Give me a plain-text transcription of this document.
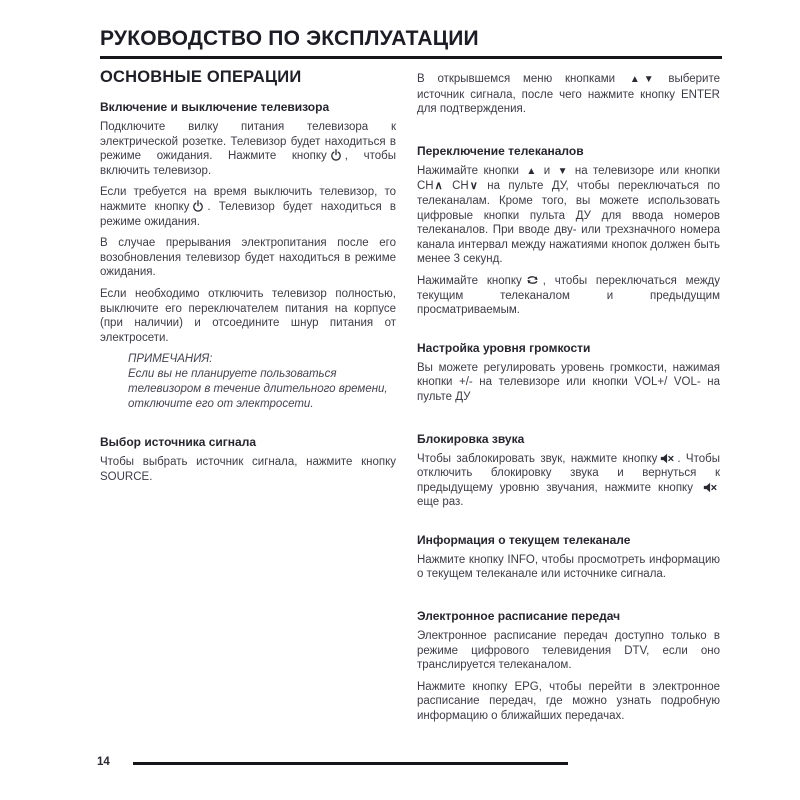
РУКОВОДСТВО ПО ЭКСПЛУАТАЦИИ
ОСНОВНЫЕ ОПЕРАЦИИ
Включение и выключение телевизора

Подключите вилку питания телевизора к электрической розетке. Телевизор будет находиться в режиме ожидания. Нажмите кнопку , чтобы включить телевизор.

Если требуется на время выключить телевизор, то нажмите кнопку . Телевизор будет находиться в режиме ожидания.

В случае прерывания электропитания после его возобновления телевизор будет находиться в режиме ожидания.

Если необходимо отключить телевизор полностью, выключите его переключателем питания на корпусе (при наличии) и отсоедините шнур питания от электросети.

ПРИМЕЧАНИЯ:

Если вы не планируете пользоваться телевизором в течение длительного времени, отключите его от электросети.

Выбор источника сигнала

Чтобы выбрать источник сигнала, нажмите кнопку SOURCE.

В открывшемся меню кнопками ▲ ▼ выберите источник сигнала, после чего нажмите кнопку ENTER для подтверждения.

Переключение телеканалов

Нажимайте кнопки ▲ и ▼ на телевизоре или кнопки CH∧ CH∨ на пульте ДУ, чтобы переключаться по телеканалам. Кроме того, вы можете использовать цифровые кнопки пульта ДУ для ввода номеров телеканалов. При вводе дву- или трехзначного номера канала интервал между нажатиями кнопок должен быть менее 3 секунд.

Нажимайте кнопку , чтобы переключаться между текущим телеканалом и предыдущим просматриваемым.

Настройка уровня громкости

Вы можете регулировать уровень громкости, нажимая кнопки +/- на телевизоре или кнопки VOL+/ VOL- на пульте ДУ

Блокировка звука

Чтобы заблокировать звук, нажмите кнопку . Чтобы отключить блокировку звука и вернуться к предыдущему уровню звучания, нажмите кнопку еще раз.

Информация о текущем телеканале

Нажмите кнопку INFO, чтобы просмотреть информацию о текущем телеканале или источнике сигнала.

Электронное расписание передач

Электронное расписание передач доступно только в режиме цифрового телевидения DTV, если оно транслируется телеканалом.

Нажмите кнопку EPG, чтобы перейти в электронное расписание передач, где можно узнать подробную информацию о ближайших передачах.

14
